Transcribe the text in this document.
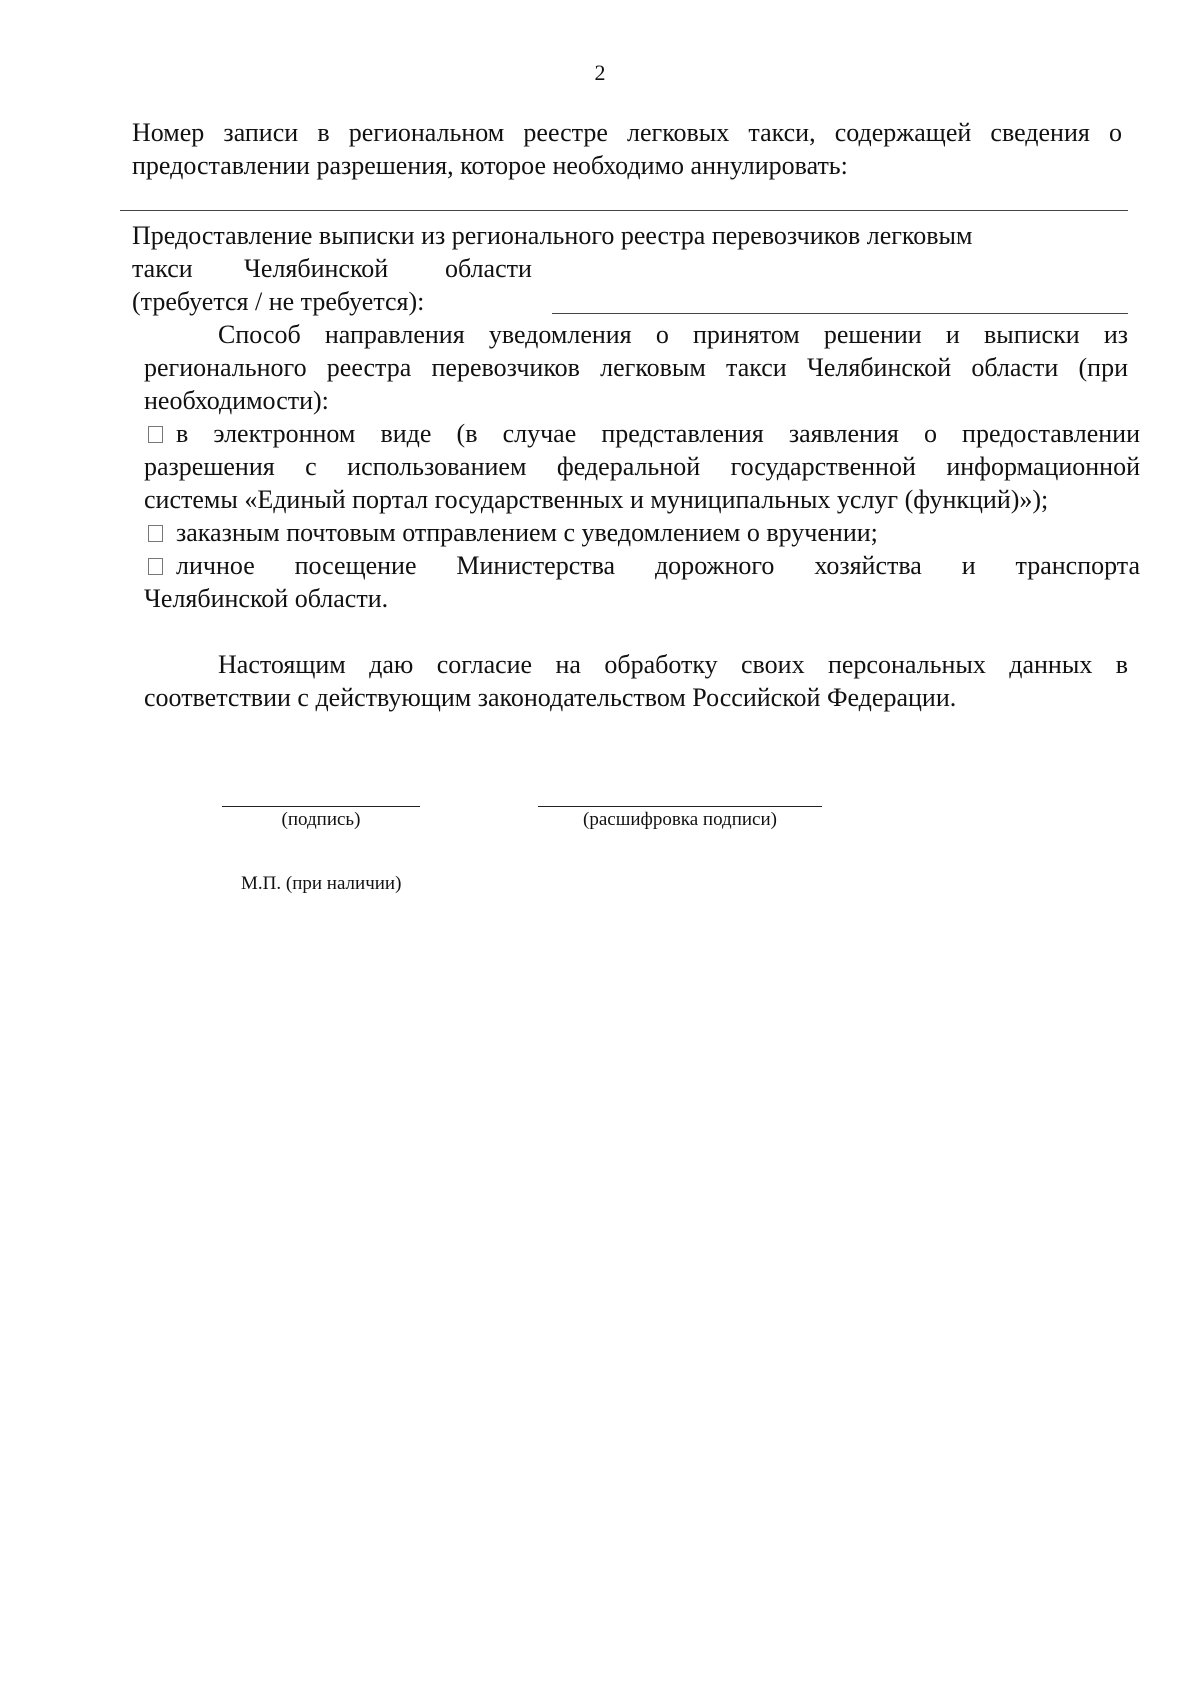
2
Номер записи в региональном реестре легковых такси, содержащей сведения о
предоставлении разрешения, которое необходимо аннулировать:
Предоставление выписки из регионального реестра перевозчиков легковым
такси Челябинской области
(требуется / не требуется):
Способ направления уведомления о принятом решении и выписки из
регионального реестра перевозчиков легковым такси Челябинской области (при
необходимости):
в электронном виде (в случае представления заявления о предоставлении
разрешения с использованием федеральной государственной информационной
системы «Единый портал государственных и муниципальных услуг (функций)»);
заказным почтовым отправлением с уведомлением о вручении;
личное посещение Министерства дорожного хозяйства и транспорта
Челябинской области.
Настоящим даю согласие на обработку своих персональных данных в
соответствии с действующим законодательством Российской Федерации.
(подпись)	(расшифровка подписи)
М.П. (при наличии)
